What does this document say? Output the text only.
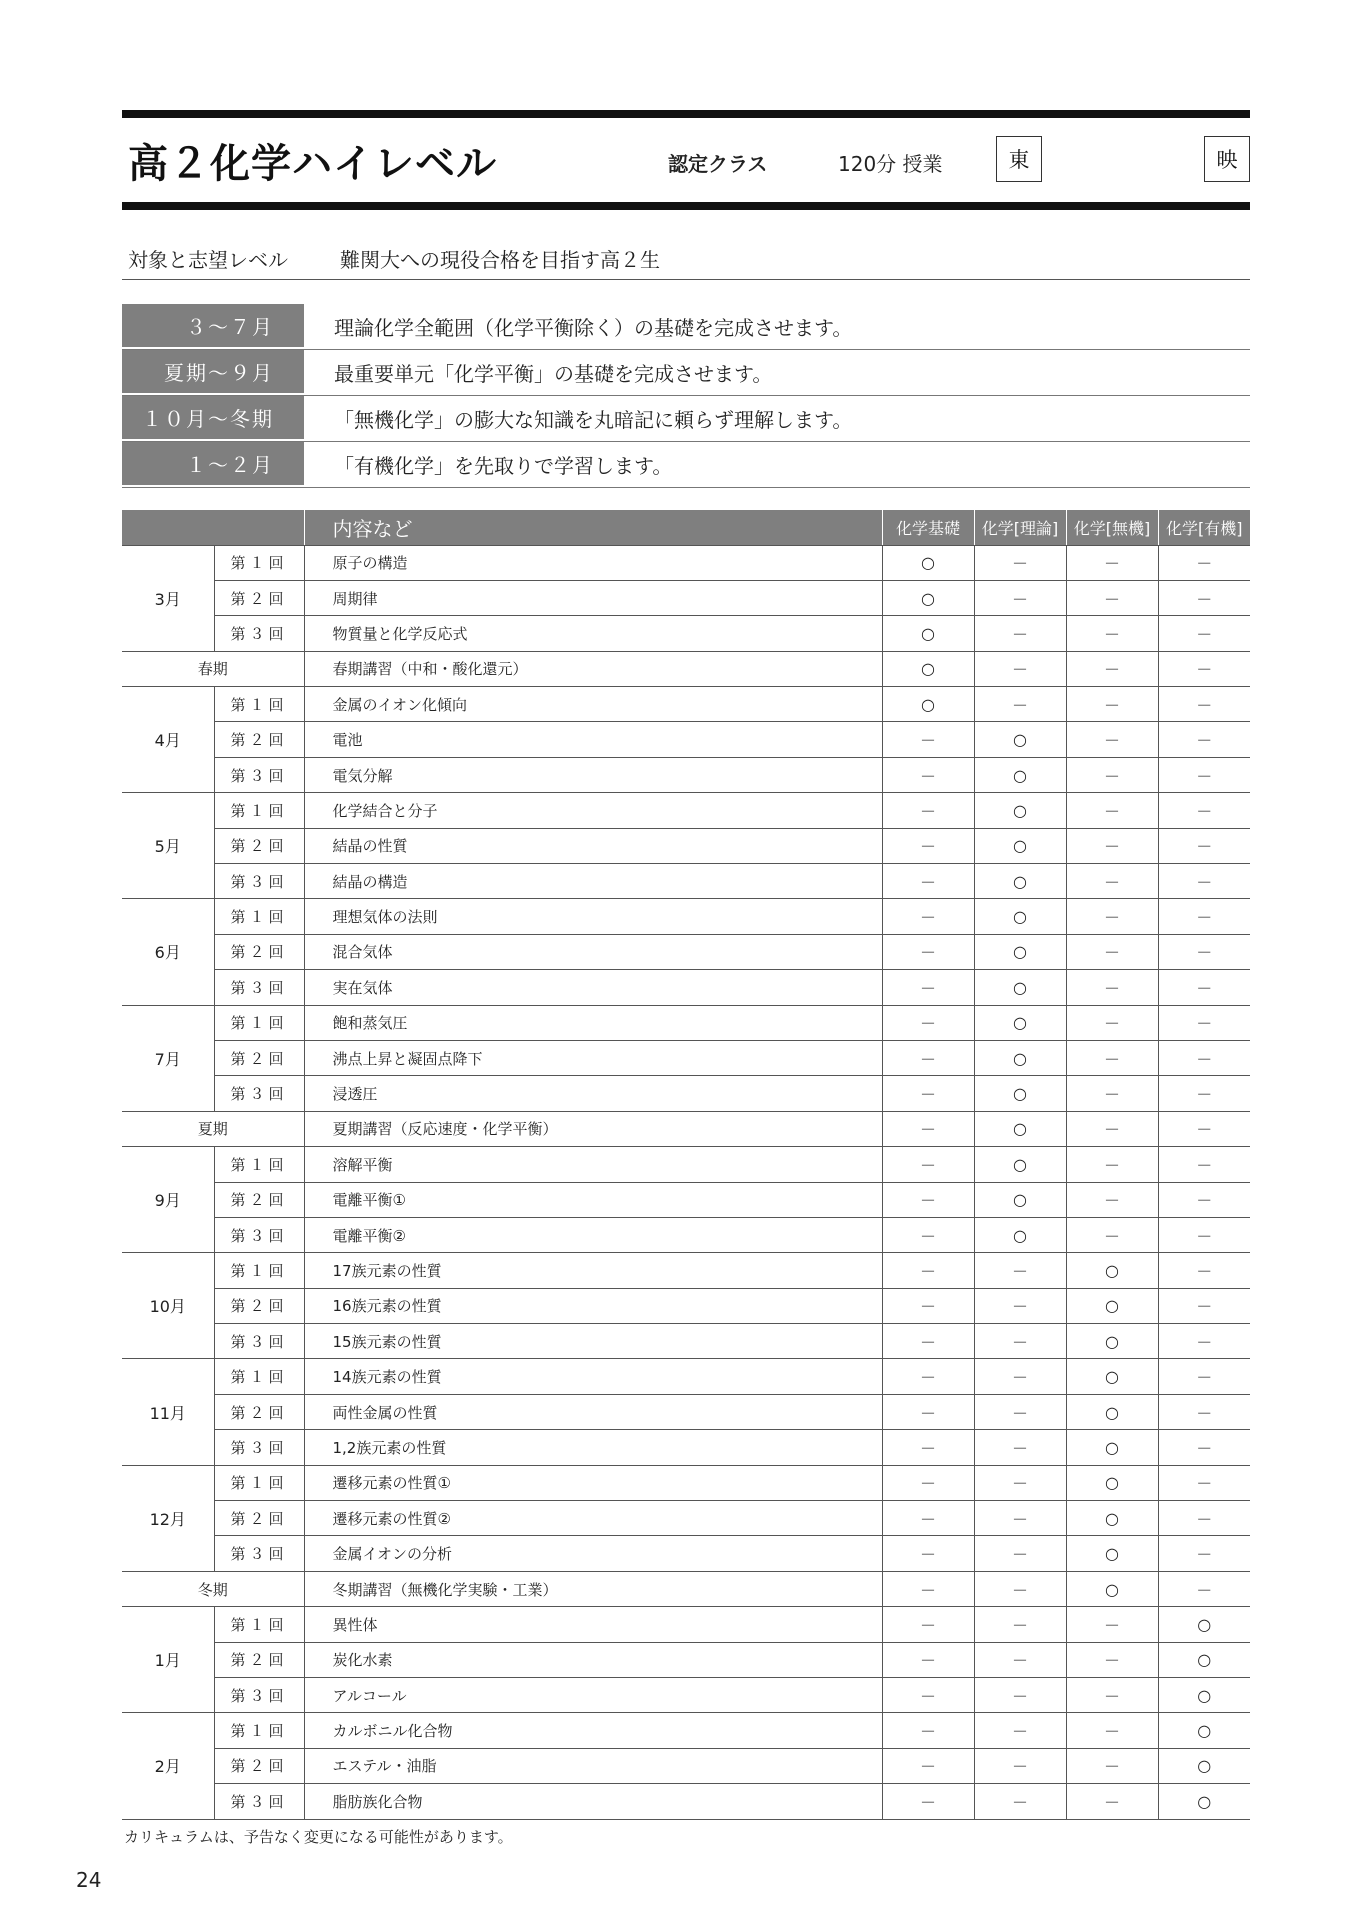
高２化学ハイレベル	認定クラス	120分 授業	東	映
対象と志望レベル	難関大への現役合格を目指す高２生
３～７月	理論化学全範囲（化学平衡除く）の基礎を完成させます。
夏期～９月	最重要単元「化学平衡」の基礎を完成させます。
１０月～冬期	「無機化学」の膨大な知識を丸暗記に頼らず理解します。
１～２月	「有機化学」を先取りで学習します。
		内容など	化学基礎	化学[理論]	化学[無機]	化学[有機]
3月	第１回	原子の構造	○	－	－	－
	第２回	周期律	○	－	－	－
	第３回	物質量と化学反応式	○	－	－	－
春期		春期講習（中和・酸化還元）	○	－	－	－
4月	第１回	金属のイオン化傾向	○	－	－	－
	第２回	電池	－	○	－	－
	第３回	電気分解	－	○	－	－
5月	第１回	化学結合と分子	－	○	－	－
	第２回	結晶の性質	－	○	－	－
	第３回	結晶の構造	－	○	－	－
6月	第１回	理想気体の法則	－	○	－	－
	第２回	混合気体	－	○	－	－
	第３回	実在気体	－	○	－	－
7月	第１回	飽和蒸気圧	－	○	－	－
	第２回	沸点上昇と凝固点降下	－	○	－	－
	第３回	浸透圧	－	○	－	－
夏期		夏期講習（反応速度・化学平衡）	－	○	－	－
9月	第１回	溶解平衡	－	○	－	－
	第２回	電離平衡①	－	○	－	－
	第３回	電離平衡②	－	○	－	－
10月	第１回	17族元素の性質	－	－	○	－
	第２回	16族元素の性質	－	－	○	－
	第３回	15族元素の性質	－	－	○	－
11月	第１回	14族元素の性質	－	－	○	－
	第２回	両性金属の性質	－	－	○	－
	第３回	1,2族元素の性質	－	－	○	－
12月	第１回	遷移元素の性質①	－	－	○	－
	第２回	遷移元素の性質②	－	－	○	－
	第３回	金属イオンの分析	－	－	○	－
冬期		冬期講習（無機化学実験・工業）	－	－	○	－
1月	第１回	異性体	－	－	－	○
	第２回	炭化水素	－	－	－	○
	第３回	アルコール	－	－	－	○
2月	第１回	カルボニル化合物	－	－	－	○
	第２回	エステル・油脂	－	－	－	○
	第３回	脂肪族化合物	－	－	－	○
カリキュラムは、予告なく変更になる可能性があります。
24
